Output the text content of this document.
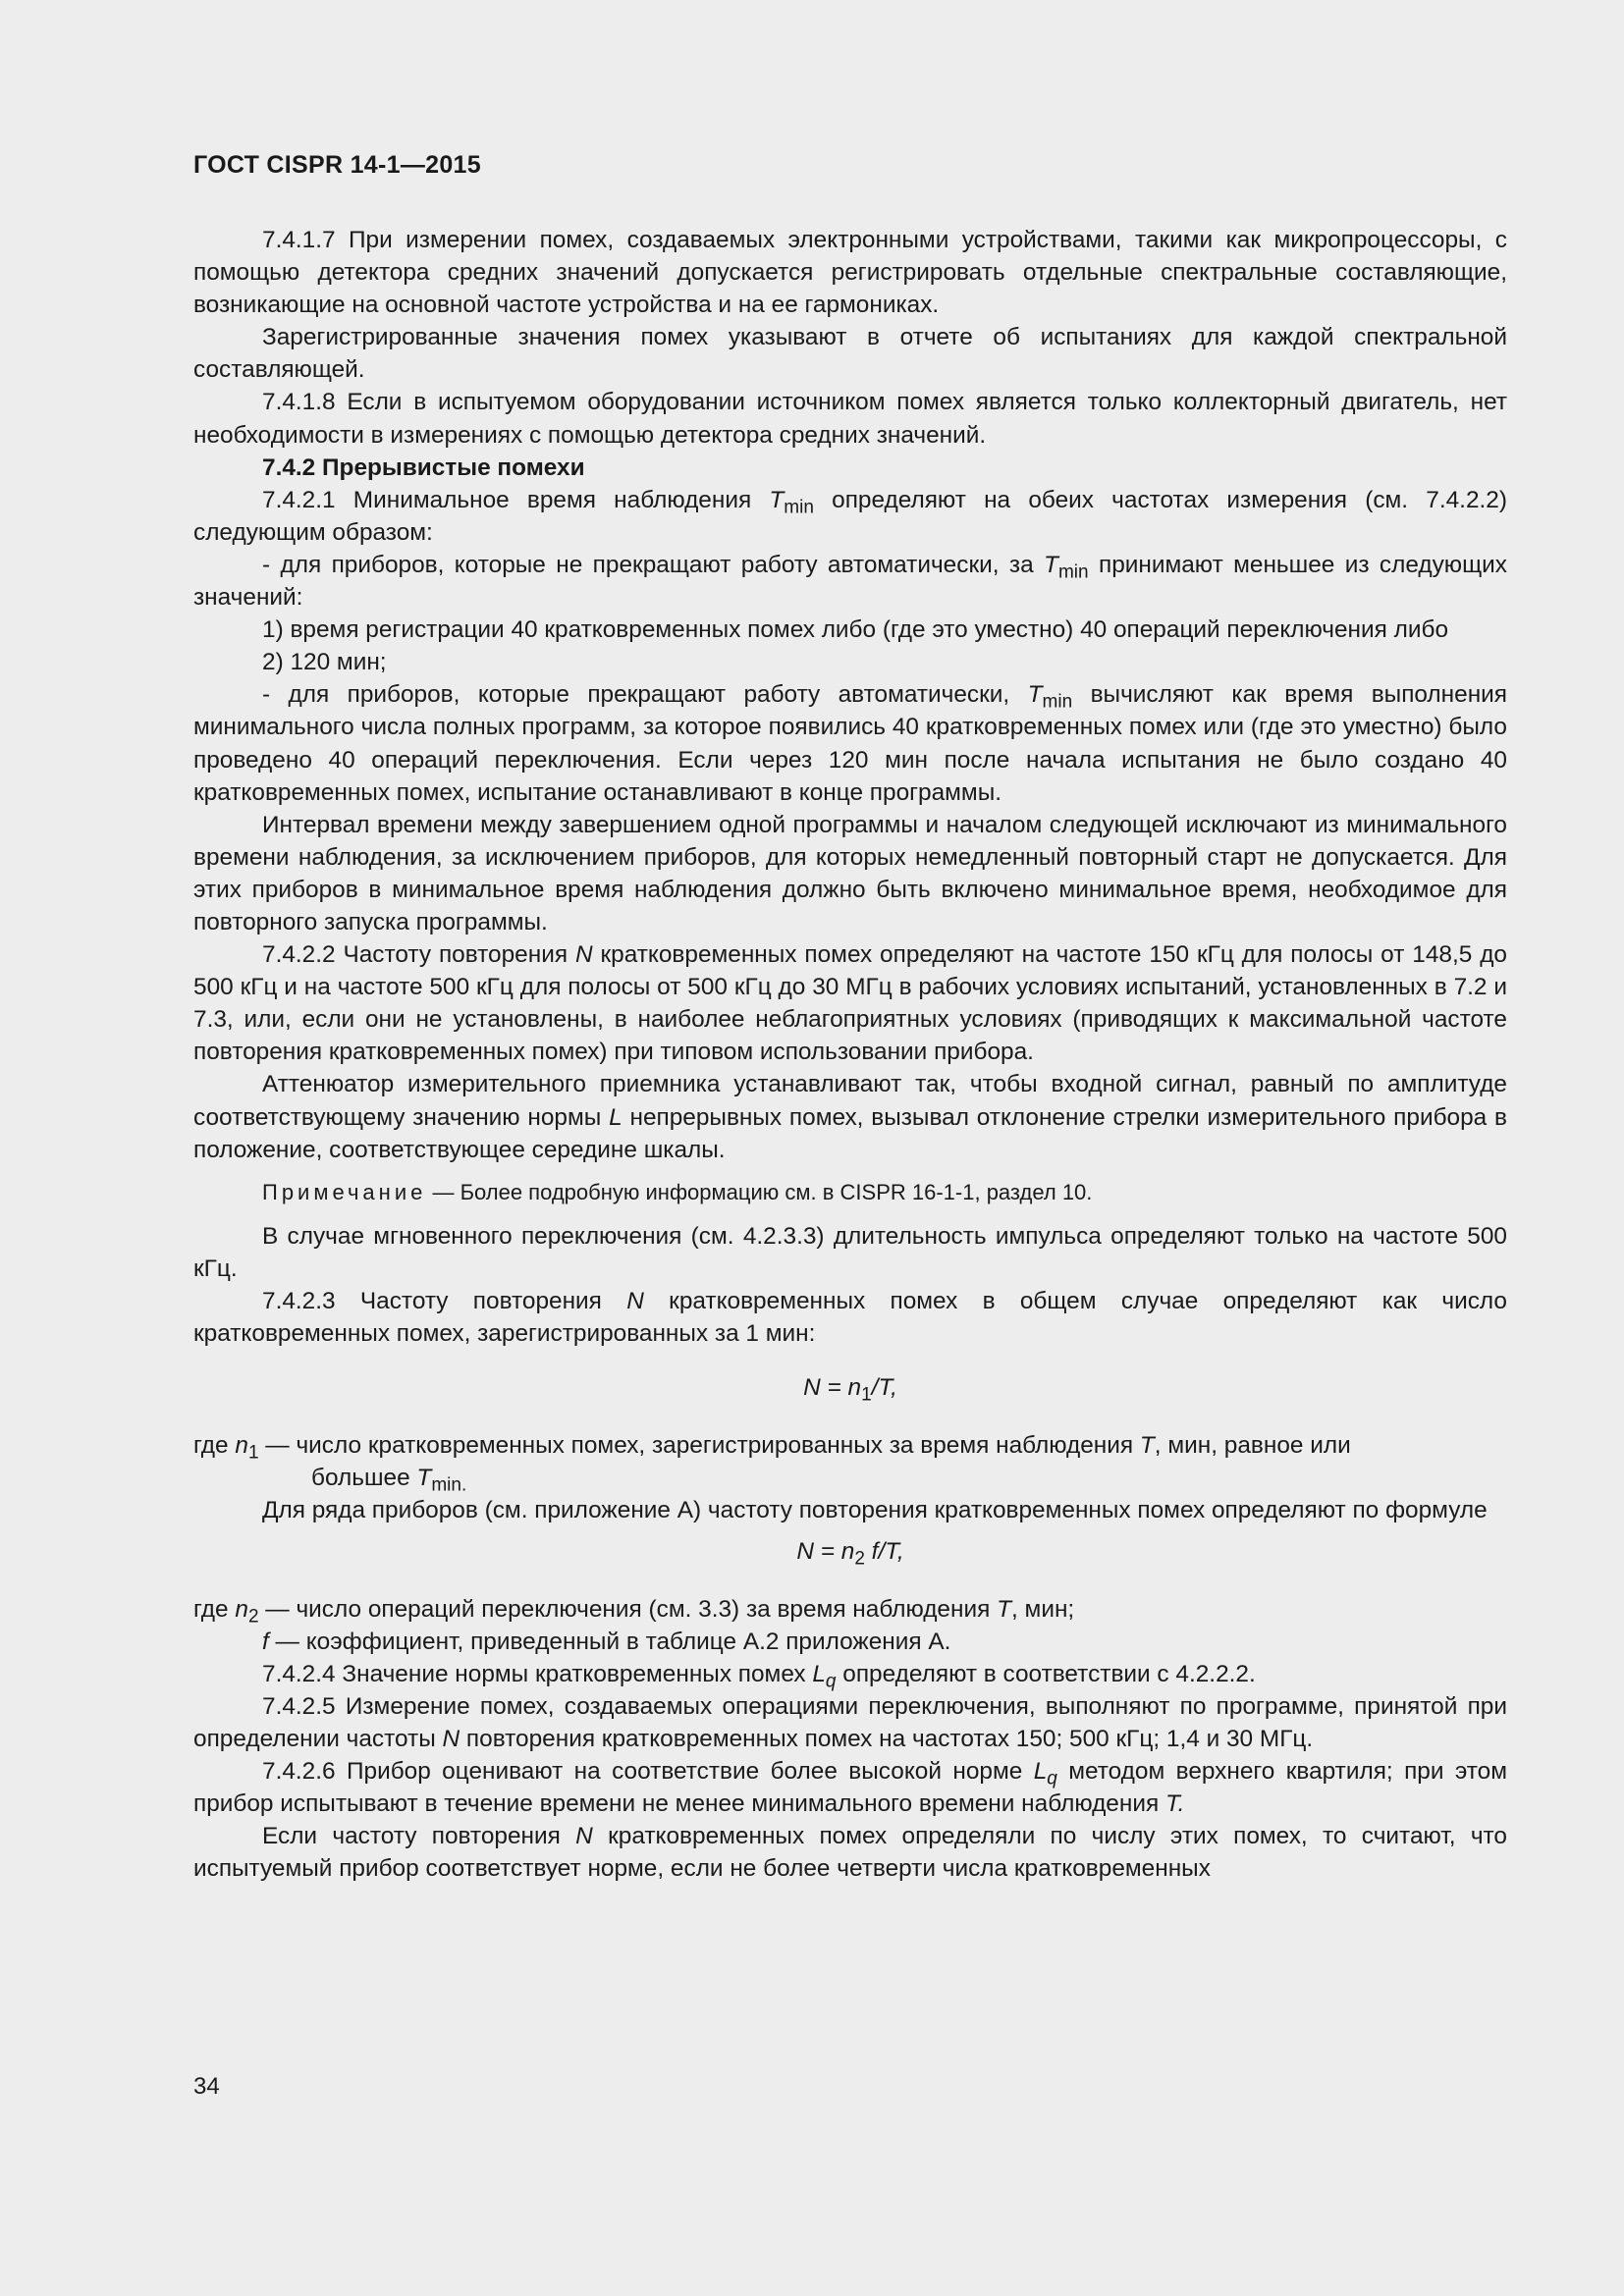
ГОСТ CISPR 14-1—2015

7.4.1.7 При измерении помех, создаваемых электронными устройствами, такими как микропроцессоры, с помощью детектора средних значений допускается регистрировать отдельные спектральные составляющие, возникающие на основной частоте устройства и на ее гармониках.

Зарегистрированные значения помех указывают в отчете об испытаниях для каждой спектральной составляющей.

7.4.1.8 Если в испытуемом оборудовании источником помех является только коллекторный двигатель, нет необходимости в измерениях с помощью детектора средних значений.

7.4.2 Прерывистые помехи

7.4.2.1 Минимальное время наблюдения $T_{min}$ определяют на обеих частотах измерения (см. 7.4.2.2) следующим образом:

- для приборов, которые не прекращают работу автоматически, за $T_{min}$ принимают меньшее из следующих значений:

1) время регистрации 40 кратковременных помех либо (где это уместно) 40 операций переключения либо

2) 120 мин;

- для приборов, которые прекращают работу автоматически, $T_{min}$ вычисляют как время выполнения минимального числа полных программ, за которое появились 40 кратковременных помех или (где это уместно) было проведено 40 операций переключения. Если через 120 мин после начала испытания не было создано 40 кратковременных помех, испытание останавливают в конце программы.

Интервал времени между завершением одной программы и началом следующей исключают из минимального времени наблюдения, за исключением приборов, для которых немедленный повторный старт не допускается. Для этих приборов в минимальное время наблюдения должно быть включено минимальное время, необходимое для повторного запуска программы.

7.4.2.2 Частоту повторения N кратковременных помех определяют на частоте 150 кГц для полосы от 148,5 до 500 кГц и на частоте 500 кГц для полосы от 500 кГц до 30 МГц в рабочих условиях испытаний, установленных в 7.2 и 7.3, или, если они не установлены, в наиболее неблагоприятных условиях (приводящих к максимальной частоте повторения кратковременных помех) при типовом использовании прибора.

Аттенюатор измерительного приемника устанавливают так, чтобы входной сигнал, равный по амплитуде соответствующему значению нормы L непрерывных помех, вызывал отклонение стрелки измерительного прибора в положение, соответствующее середине шкалы.

Примечание — Более подробную информацию см. в CISPR 16-1-1, раздел 10.

В случае мгновенного переключения (см. 4.2.3.3) длительность импульса определяют только на частоте 500 кГц.

7.4.2.3 Частоту повторения N кратковременных помех в общем случае определяют как число кратковременных помех, зарегистрированных за 1 мин:

$N = n_1/T$,

где $n_1$ — число кратковременных помех, зарегистрированных за время наблюдения T, мин, равное или

большее $T_{min.}$

Для ряда приборов (см. приложение А) частоту повторения кратковременных помех определяют по формуле

$N = n_2$ f/T,

где $n_2$ — число операций переключения (см. 3.3) за время наблюдения T, мин;

f — коэффициент, приведенный в таблице А.2 приложения А.

7.4.2.4 Значение нормы кратковременных помех $L_q$ определяют в соответствии с 4.2.2.2.

7.4.2.5 Измерение помех, создаваемых операциями переключения, выполняют по программе, принятой при определении частоты N повторения кратковременных помех на частотах 150; 500 кГц; 1,4 и 30 МГц.

7.4.2.6 Прибор оценивают на соответствие более высокой норме $L_q$ методом верхнего квартиля; при этом прибор испытывают в течение времени не менее минимального времени наблюдения T.

Если частоту повторения N кратковременных помех определяли по числу этих помех, то считают, что испытуемый прибор соответствует норме, если не более четверти числа кратковременных

34
